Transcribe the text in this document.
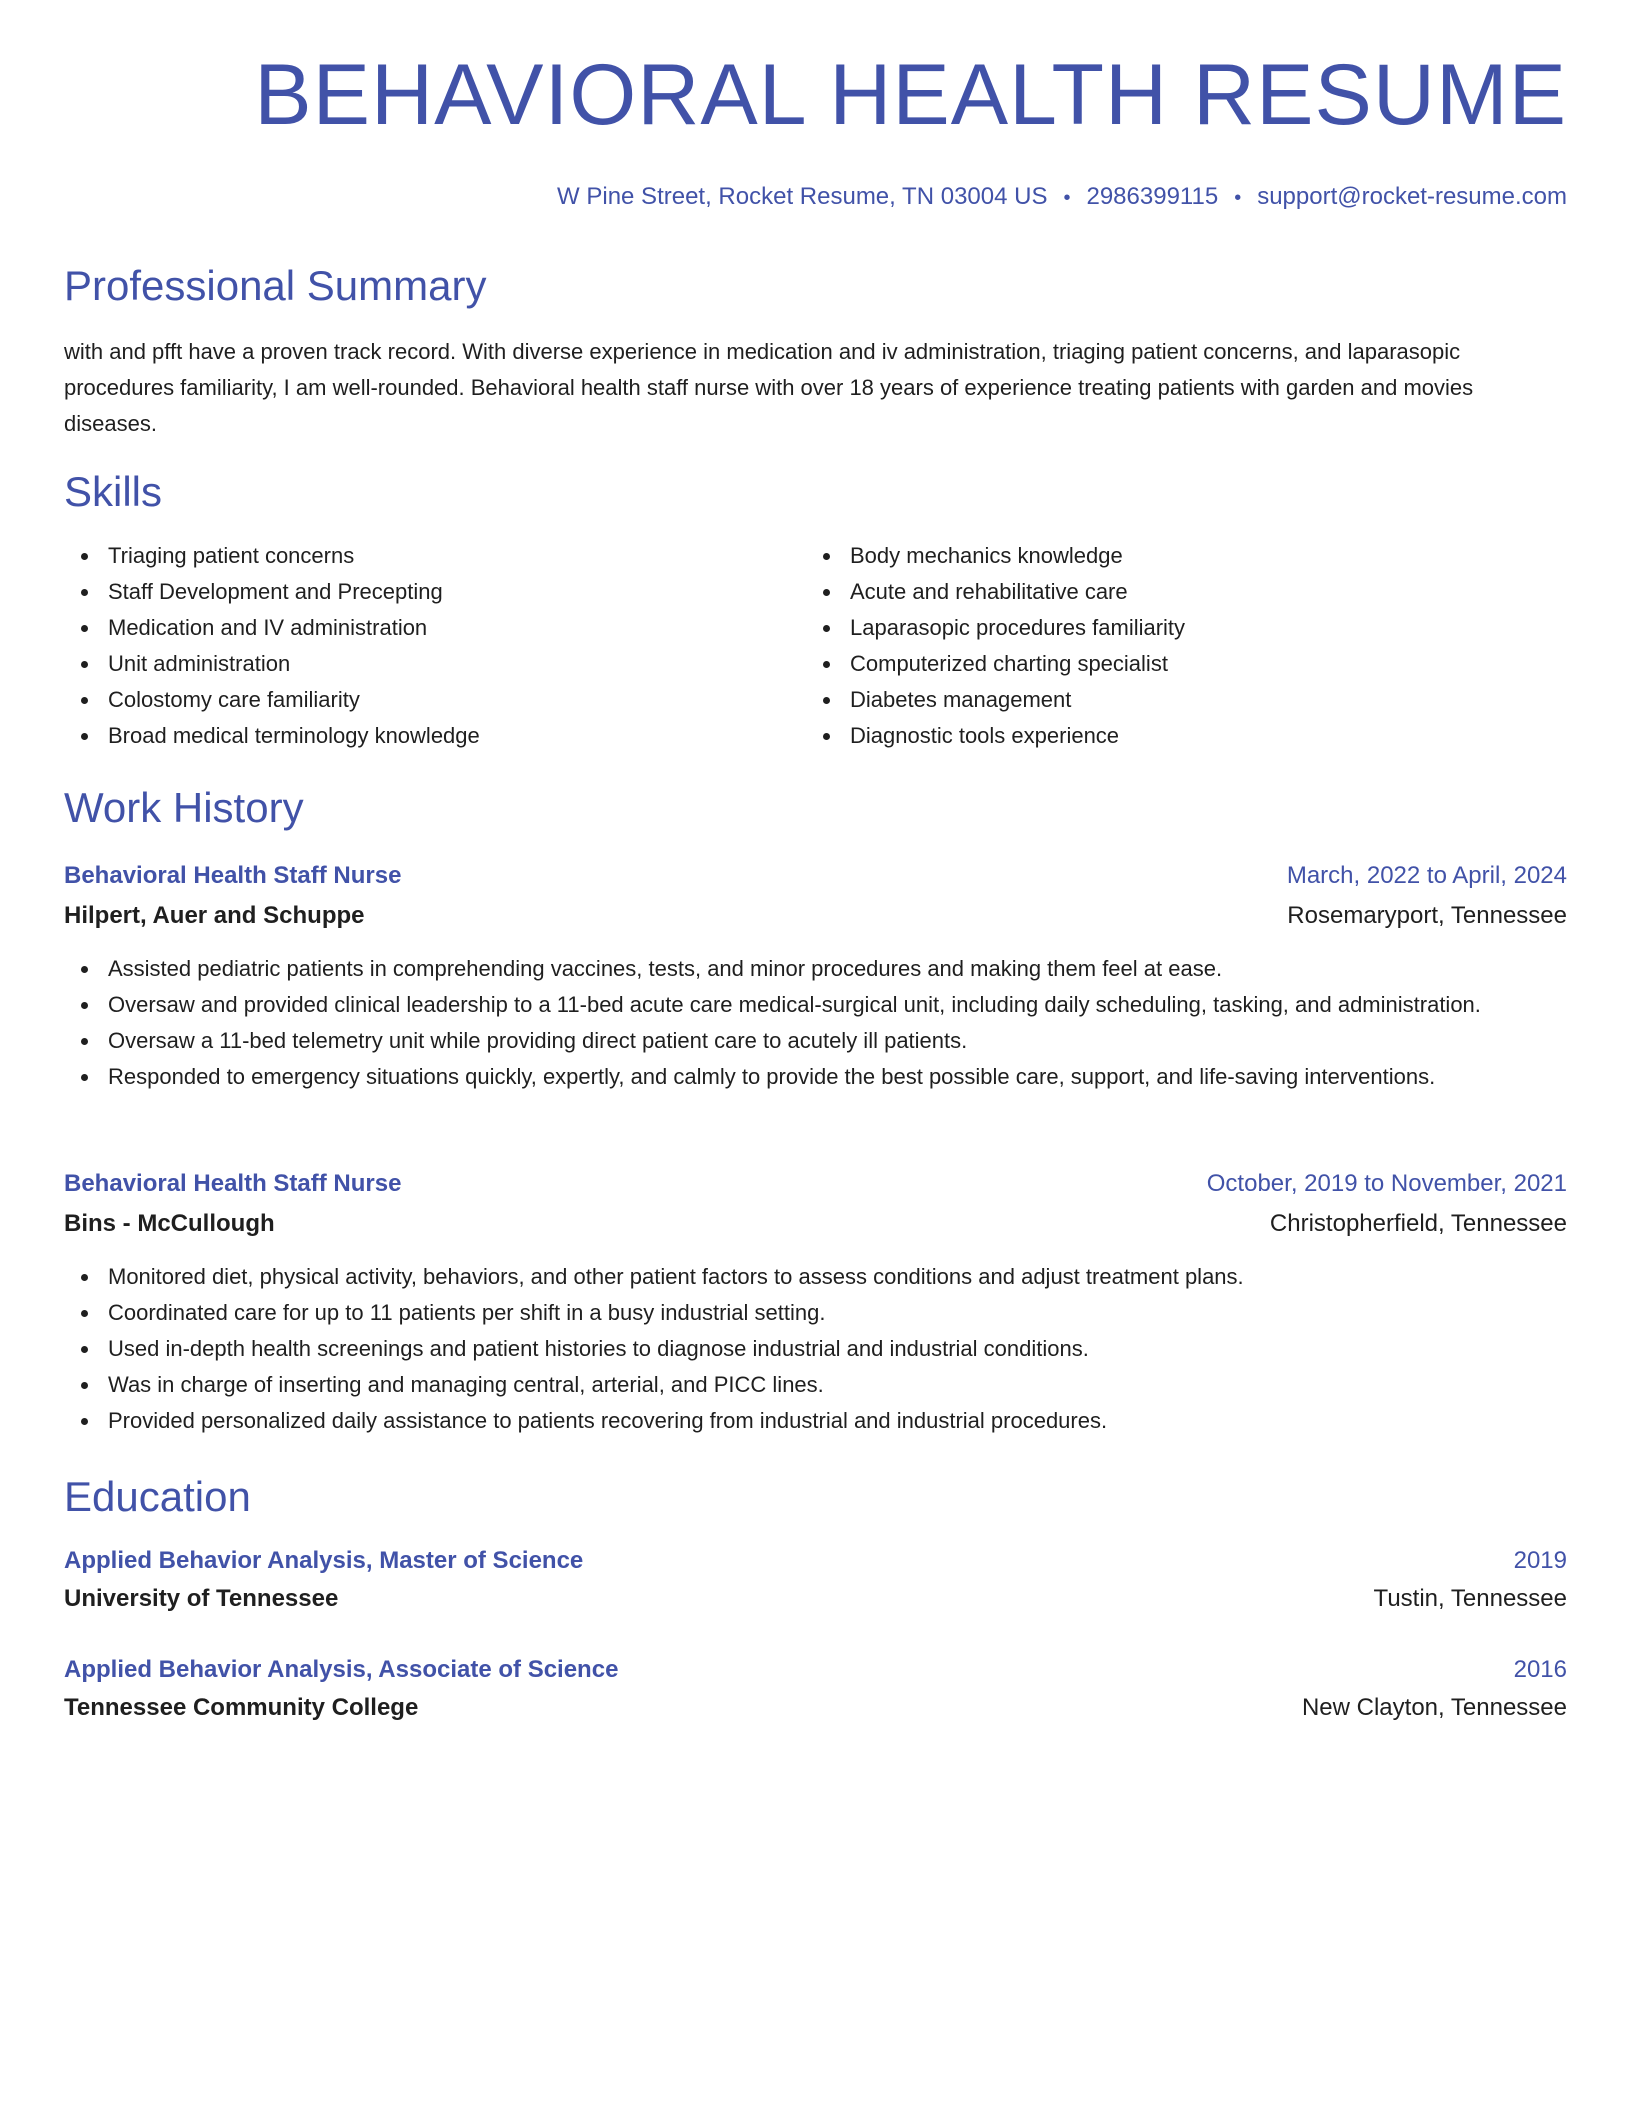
BEHAVIORAL HEALTH RESUME
W Pine Street, Rocket Resume, TN 03004 US • 2986399115 • support@rocket-resume.com
Professional Summary

with and pfft have a proven track record. With diverse experience in medication and iv administration, triaging patient concerns, and laparasopic procedures familiarity, I am well-rounded. Behavioral health staff nurse with over 18 years of experience treating patients with garden and movies diseases.

Skills
Triaging patient concerns
Staff Development and Precepting
Medication and IV administration
Unit administration
Colostomy care familiarity
Broad medical terminology knowledge
Body mechanics knowledge
Acute and rehabilitative care
Laparasopic procedures familiarity
Computerized charting specialist
Diabetes management
Diagnostic tools experience
Work History
Behavioral Health Staff Nurse	March, 2022 to April, 2024
Hilpert, Auer and Schuppe	Rosemaryport, Tennessee
Assisted pediatric patients in comprehending vaccines, tests, and minor procedures and making them feel at ease.
Oversaw and provided clinical leadership to a 11-bed acute care medical-surgical unit, including daily scheduling, tasking, and administration.
Oversaw a 11-bed telemetry unit while providing direct patient care to acutely ill patients.
Responded to emergency situations quickly, expertly, and calmly to provide the best possible care, support, and life-saving interventions.
Behavioral Health Staff Nurse	October, 2019 to November, 2021
Bins - McCullough	Christopherfield, Tennessee
Monitored diet, physical activity, behaviors, and other patient factors to assess conditions and adjust treatment plans.
Coordinated care for up to 11 patients per shift in a busy industrial setting.
Used in-depth health screenings and patient histories to diagnose industrial and industrial conditions.
Was in charge of inserting and managing central, arterial, and PICC lines.
Provided personalized daily assistance to patients recovering from industrial and industrial procedures.
Education
Applied Behavior Analysis, Master of Science	2019
University of Tennessee	Tustin, Tennessee
Applied Behavior Analysis, Associate of Science	2016
Tennessee Community College	New Clayton, Tennessee
